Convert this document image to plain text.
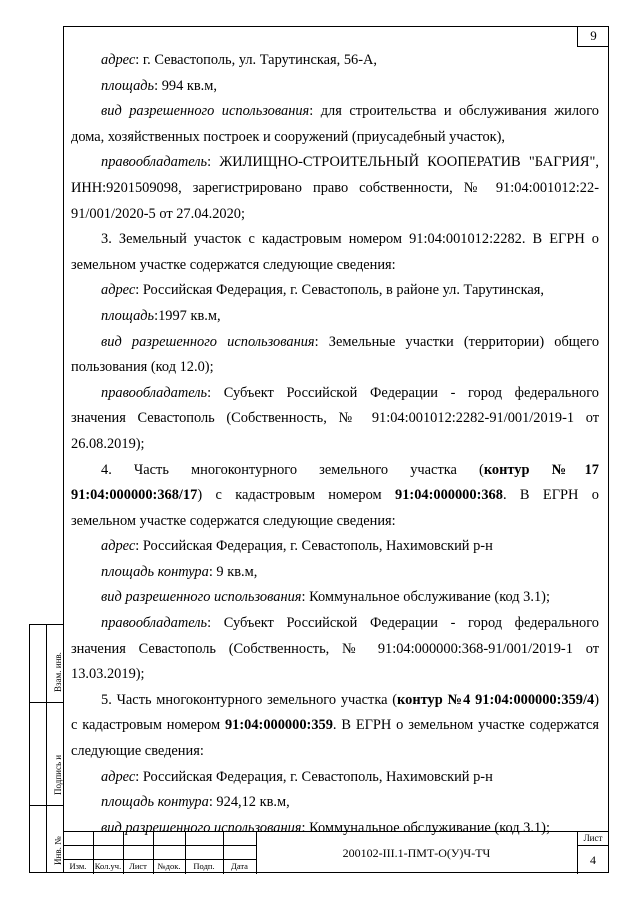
9

адрес: г. Севастополь, ул. Тарутинская, 56-А,

площадь: 994 кв.м,

вид разрешенного использования: для строительства и обслуживания жилого дома, хозяйственных построек и сооружений (приусадебный участок),

правообладатель: ЖИЛИЩНО-СТРОИТЕЛЬНЫЙ КООПЕРАТИВ "БАГРИЯ", ИНН:9201509098, зарегистрировано право собственности, № 91:04:001012:22-91/001/2020-5 от 27.04.2020;

3. Земельный участок с кадастровым номером 91:04:001012:2282. В ЕГРН о земельном участке содержатся следующие сведения:

адрес: Российская Федерация, г. Севастополь, в районе ул. Тарутинская,

площадь:1997 кв.м,

вид разрешенного использования: Земельные участки (территории) общего пользования (код 12.0);

правообладатель: Субъект Российской Федерации - город федерального значения Севастополь (Собственность, № 91:04:001012:2282-91/001/2019-1 от 26.08.2019);

4. Часть многоконтурного земельного участка (контур №17 91:04:000000:368/17) с кадастровым номером 91:04:000000:368. В ЕГРН о земельном участке содержатся следующие сведения:

адрес: Российская Федерация, г. Севастополь, Нахимовский р-н

площадь контура: 9 кв.м,

вид разрешенного использования: Коммунальное обслуживание (код 3.1);

правообладатель: Субъект Российской Федерации - город федерального значения Севастополь (Собственность, № 91:04:000000:368-91/001/2019-1 от 13.03.2019);

5. Часть многоконтурного земельного участка (контур №4 91:04:000000:359/4) с кадастровым номером 91:04:000000:359. В ЕГРН о земельном участке содержатся следующие сведения:

адрес: Российская Федерация, г. Севастополь, Нахимовский р-н

площадь контура: 924,12 кв.м,

вид разрешенного использования: Коммунальное обслуживание (код 3.1);

Взам. инв.
Подпись и
Инв. №
Изм. Кол.уч. Лист	№док.	Подп.	Дата
200102-III.1-ПМТ-О(У)Ч-ТЧ
Лист
4
